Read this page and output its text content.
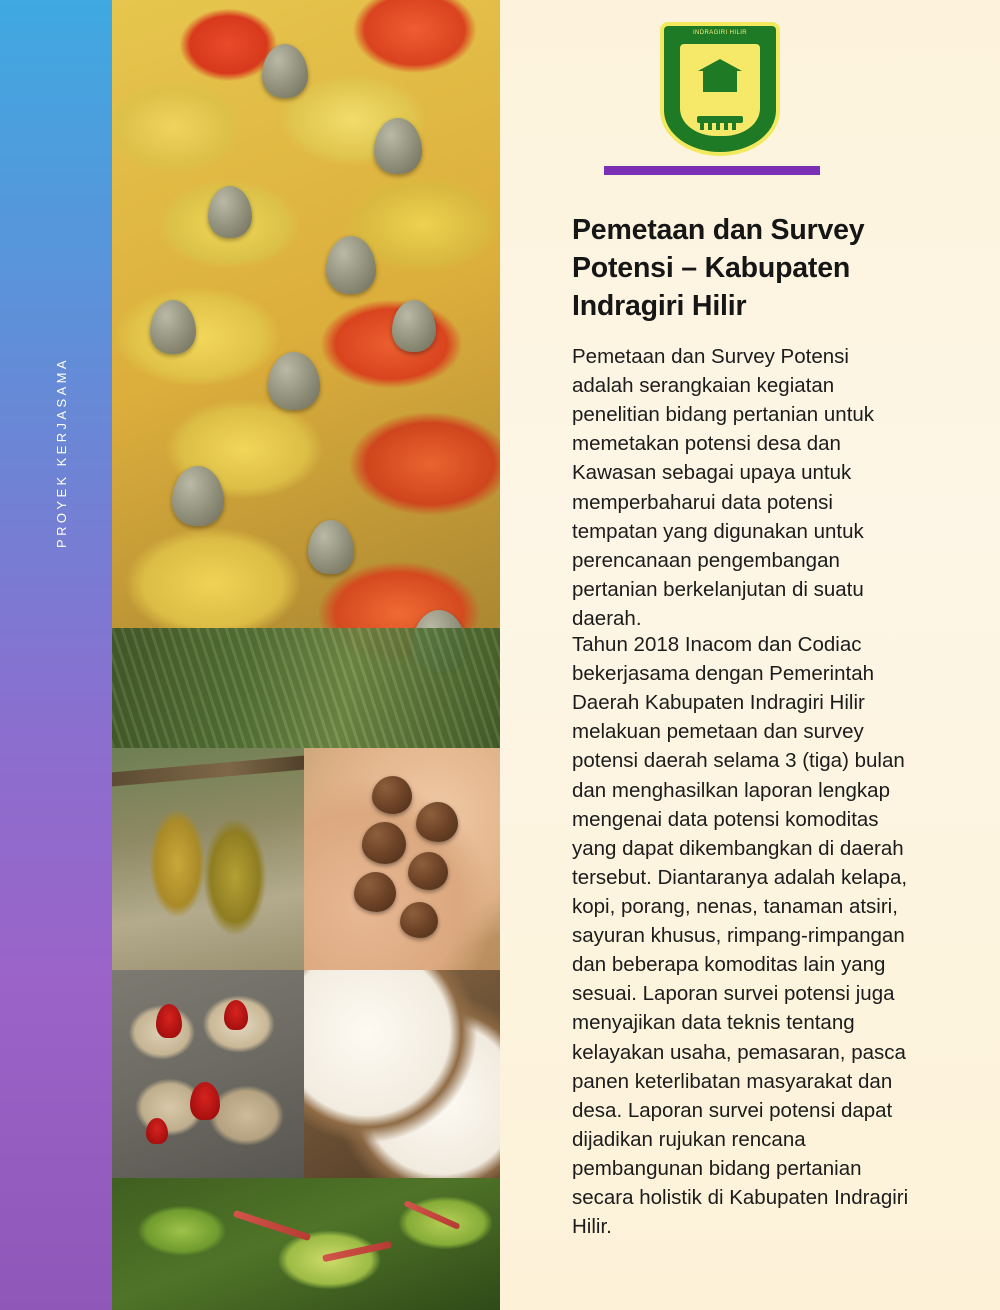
PROYEK KERJASAMA
INDRAGIRI HILIR
Pemetaan dan Survey Potensi – Kabupaten Indragiri Hilir
Pemetaan dan Survey Potensi adalah serangkaian kegiatan penelitian bidang pertanian untuk memetakan potensi desa dan Kawasan sebagai upaya untuk memperbaharui data potensi tempatan yang digunakan untuk perencanaan pengembangan pertanian berkelanjutan di suatu daerah.
Tahun 2018 Inacom dan Codiac bekerjasama dengan Pemerintah Daerah Kabupaten Indragiri Hilir melakuan pemetaan dan survey potensi daerah selama 3 (tiga) bulan dan menghasilkan laporan lengkap mengenai data potensi komoditas yang dapat dikembangkan di daerah tersebut. Diantaranya adalah kelapa, kopi, porang, nenas, tanaman atsiri, sayuran khusus, rimpang-rimpangan dan beberapa komoditas lain yang sesuai. Laporan survei potensi juga menyajikan data teknis tentang kelayakan usaha, pemasaran, pasca panen keterlibatan masyarakat dan desa. Laporan survei potensi dapat dijadikan rujukan rencana pembangunan bidang pertanian secara holistik di Kabupaten Indragiri Hilir.
